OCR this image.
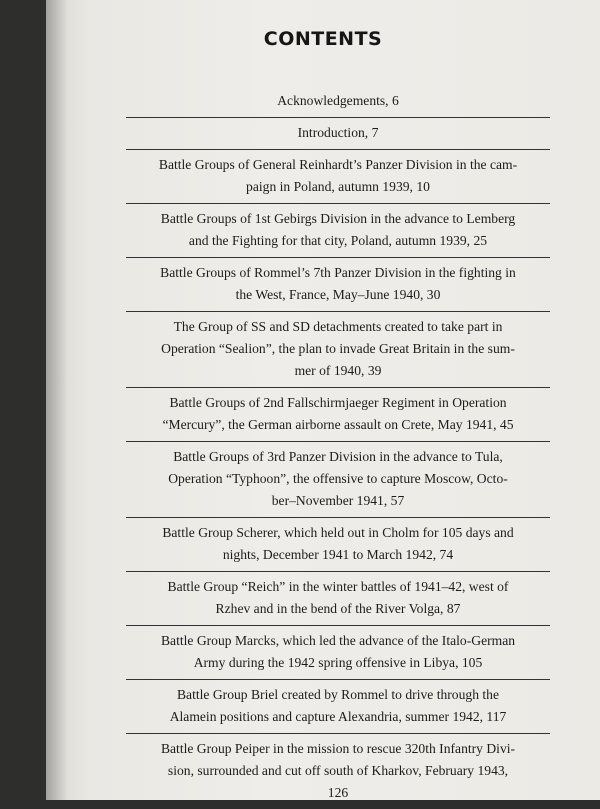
CONTENTS
Acknowledgements, 6
Introduction, 7
Battle Groups of General Reinhardt’s Panzer Division in the cam-
paign in Poland, autumn 1939, 10
Battle Groups of 1st Gebirgs Division in the advance to Lemberg
and the Fighting for that city, Poland, autumn 1939, 25
Battle Groups of Rommel’s 7th Panzer Division in the fighting in
the West, France, May–June 1940, 30
The Group of SS and SD detachments created to take part in
Operation “Sealion”, the plan to invade Great Britain in the sum-
mer of 1940, 39
Battle Groups of 2nd Fallschirmjaeger Regiment in Operation
“Mercury”, the German airborne assault on Crete, May 1941, 45
Battle Groups of 3rd Panzer Division in the advance to Tula,
Operation “Typhoon”, the offensive to capture Moscow, Octo-
ber–November 1941, 57
Battle Group Scherer, which held out in Cholm for 105 days and
nights, December 1941 to March 1942, 74
Battle Group “Reich” in the winter battles of 1941–42, west of
Rzhev and in the bend of the River Volga, 87
Battle Group Marcks, which led the advance of the Italo-German
Army during the 1942 spring offensive in Libya, 105
Battle Group Briel created by Rommel to drive through the
Alamein positions and capture Alexandria, summer 1942, 117
Battle Group Peiper in the mission to rescue 320th Infantry Divi-
sion, surrounded and cut off south of Kharkov, February 1943,
126
